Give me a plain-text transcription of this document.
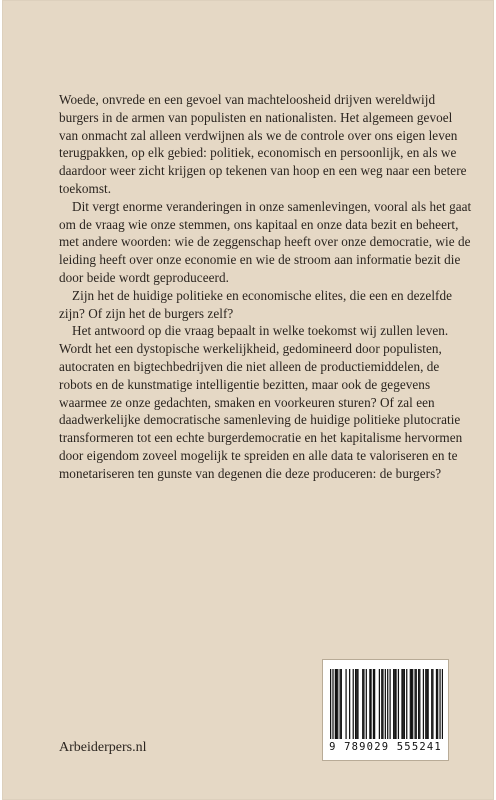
Woede, onvrede en een gevoel van machteloosheid drijven wereldwijd burgers in de armen van populisten en nationalisten. Het algemeen gevoel van onmacht zal alleen verdwijnen als we de controle over ons eigen leven terugpakken, op elk gebied: politiek, economisch en persoonlijk, en als we daardoor weer zicht krijgen op tekenen van hoop en een weg naar een betere toekomst.

Dit vergt enorme veranderingen in onze samenlevingen, vooral als het gaat om de vraag wie onze stemmen, ons kapitaal en onze data bezit en beheert, met andere woorden: wie de zeggenschap heeft over onze democratie, wie de leiding heeft over onze economie en wie de stroom aan informatie bezit die door beide wordt geproduceerd.

Zijn het de huidige politieke en economische elites, die een en dezelfde zijn? Of zijn het de burgers zelf?

Het antwoord op die vraag bepaalt in welke toekomst wij zullen leven. Wordt het een dystopische werkelijkheid, gedomineerd door populisten, autocraten en bigtechbedrijven die niet alleen de productiemiddelen, de robots en de kunstmatige intelligentie bezitten, maar ook de gegevens waarmee ze onze gedachten, smaken en voorkeuren sturen? Of zal een daadwerkelijke democratische samenleving de huidige politieke plutocratie transformeren tot een echte burgerdemocratie en het kapitalisme hervormen door eigendom zoveel mogelijk te spreiden en alle data te valoriseren en te monetariseren ten gunste van degenen die deze produceren: de burgers?

Arbeiderpers.nl	9 789029 555241
